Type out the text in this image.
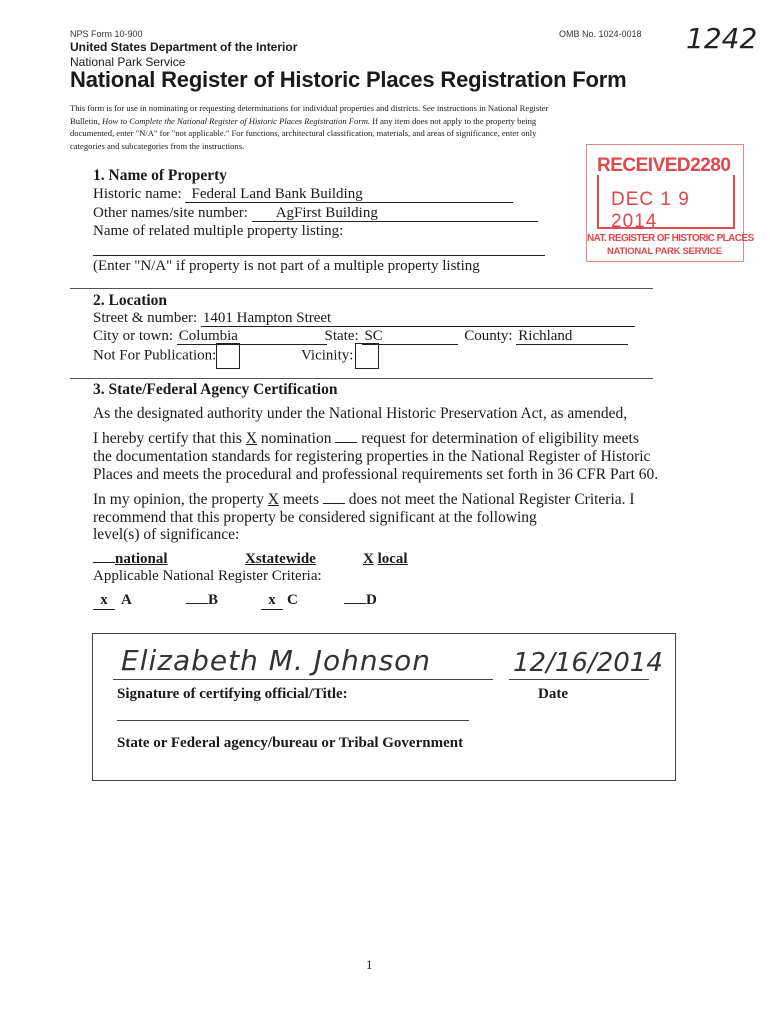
NPS Form 10-900	OMB No. 1024-0018 1242
United States Department of the Interior
National Park Service
National Register of Historic Places Registration Form
This form is for use in nominating or requesting determinations for individual properties and districts. See instructions in National Register
Bulletin, How to Complete the National Register of Historic Places Registration Form. If any item does not apply to the property being
documented, enter "N/A" for "not applicable." For functions, architectural classification, materials, and areas of significance, enter only
categories and subcategories from the instructions.
RECEIVED2280
DEC 1 9 2014
NAT. REGISTER OF HISTORIC PLACES
NATIONAL PARK SERVICE
1. Name of Property
Historic name: Federal Land Bank Building
Other names/site number: AgFirst Building
Name of related multiple property listing:
(Enter "N/A" if property is not part of a multiple property listing
2. Location
Street & number: 1401 Hampton Street
City or town: Columbia	State: SC	County: Richland
Not For Publication:	Vicinity:
3. State/Federal Agency Certification
As the designated authority under the National Historic Preservation Act, as amended,
I hereby certify that this X nomination  request for determination of eligibility meets
the documentation standards for registering properties in the National Register of Historic
Places and meets the procedural and professional requirements set forth in 36 CFR Part 60.
In my opinion, the property X meets  does not meet the National Register Criteria. I
recommend that this property be considered significant at the following
level(s) of significance:
national	Xstatewide	X local
Applicable National Register Criteria:
x A	B	x C	D
Elizabeth M. Johnson	12/16/2014
Signature of certifying official/Title:	Date
State or Federal agency/bureau or Tribal Government
1
